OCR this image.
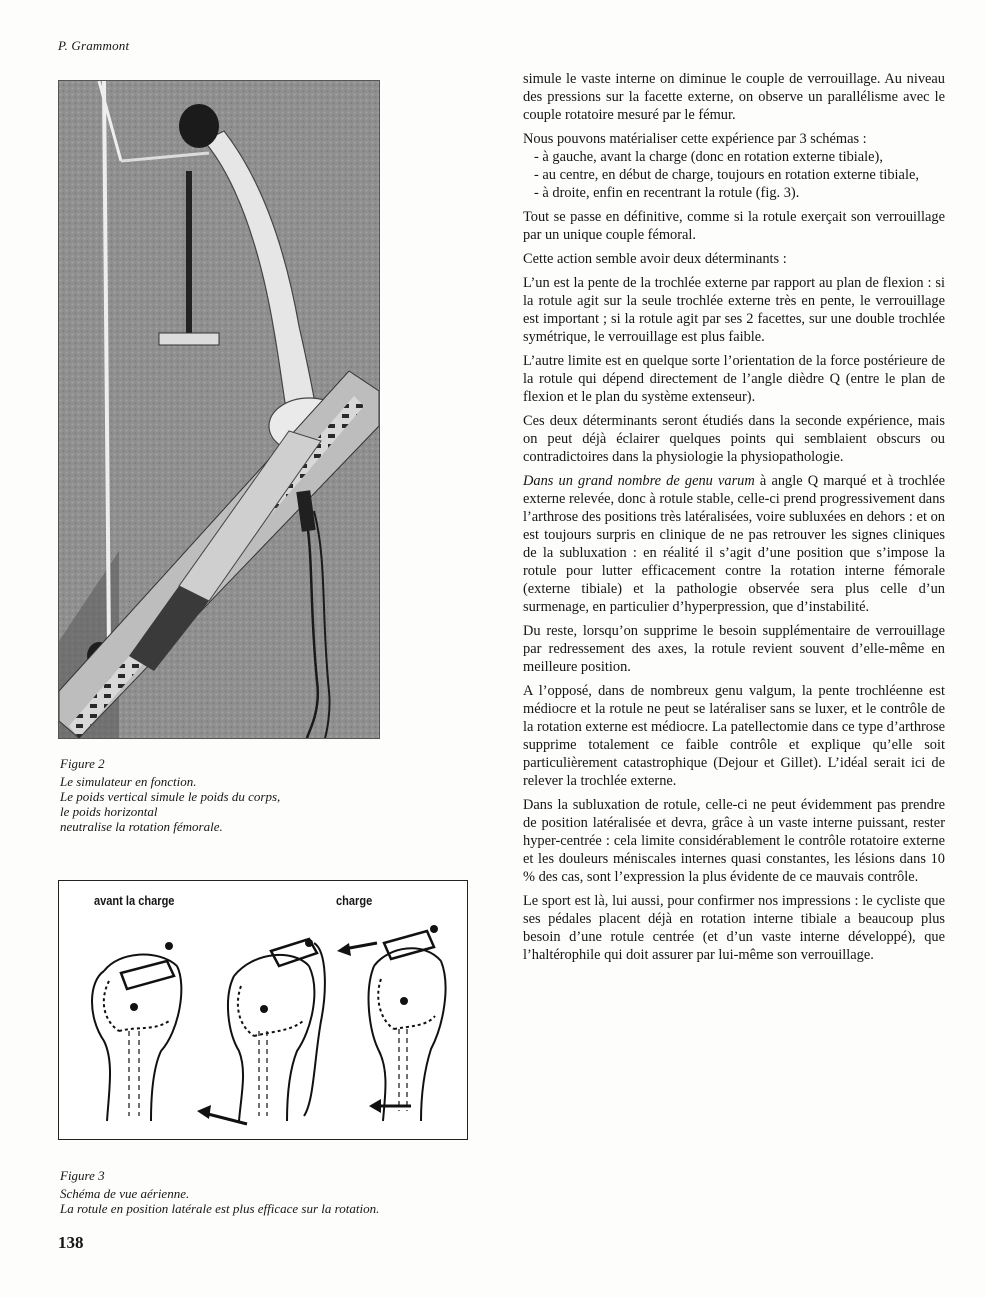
P. Grammont
Figure 2
Le simulateur en fonction.
Le poids vertical simule le poids du corps,
le poids horizontal
neutralise la rotation fémorale.
avant la charge	charge
Figure 3
Schéma de vue aérienne.
La rotule en position latérale est plus efficace sur la rotation.
138

simule le vaste interne on diminue le couple de verrouillage. Au niveau des pressions sur la facette externe, on observe un parallélisme avec le couple rotatoire mesuré par le fémur.

Nous pouvons matérialiser cette expérience par 3 schémas :

- à gauche, avant la charge (donc en rotation externe tibiale),
- au centre, en début de charge, toujours en rotation externe tibiale,
- à droite, enfin en recentrant la rotule (fig. 3).

Tout se passe en définitive, comme si la rotule exerçait son verrouillage par un unique couple fémoral.

Cette action semble avoir deux déterminants :

L’un est la pente de la trochlée externe par rapport au plan de flexion : si la rotule agit sur la seule trochlée externe très en pente, le verrouillage est important ; si la rotule agit par ses 2 facettes, sur une double trochlée symétrique, le verrouillage est plus faible.

L’autre limite est en quelque sorte l’orientation de la force postérieure de la rotule qui dépend directement de l’angle dièdre Q (entre le plan de flexion et le plan du système extenseur).

Ces deux déterminants seront étudiés dans la seconde expérience, mais on peut déjà éclairer quelques points qui semblaient obscurs ou contradictoires dans la physiologie la physiopathologie.

Dans un grand nombre de genu varum à angle Q marqué et à trochlée externe relevée, donc à rotule stable, celle-ci prend progressivement dans l’arthrose des positions très latéralisées, voire subluxées en dehors : et on est toujours surpris en clinique de ne pas retrouver les signes cliniques de la subluxation : en réalité il s’agit d’une position que s’impose la rotule pour lutter efficacement contre la rotation interne fémorale (externe tibiale) et la pathologie observée sera plus celle d’un surmenage, en particulier d’hyperpression, que d’instabilité.

Du reste, lorsqu’on supprime le besoin supplémentaire de verrouillage par redressement des axes, la rotule revient souvent d’elle-même en meilleure position.

A l’opposé, dans de nombreux genu valgum, la pente trochléenne est médiocre et la rotule ne peut se latéraliser sans se luxer, et le contrôle de la rotation externe est médiocre. La patellectomie dans ce type d’arthrose supprime totalement ce faible contrôle et explique qu’elle soit particulièrement catastrophique (Dejour et Gillet). L’idéal serait ici de relever la trochlée externe.

Dans la subluxation de rotule, celle-ci ne peut évidemment pas prendre de position latéralisée et devra, grâce à un vaste interne puissant, rester hyper-centrée : cela limite considérablement le contrôle rotatoire externe et les douleurs méniscales internes quasi constantes, les lésions dans 10 % des cas, sont l’expression la plus évidente de ce mauvais contrôle.

Le sport est là, lui aussi, pour confirmer nos impressions : le cycliste que ses pédales placent déjà en rotation interne tibiale a beaucoup plus besoin d’une rotule centrée (et d’un vaste interne développé), que l’haltérophile qui doit assurer par lui-même son verrouillage.
